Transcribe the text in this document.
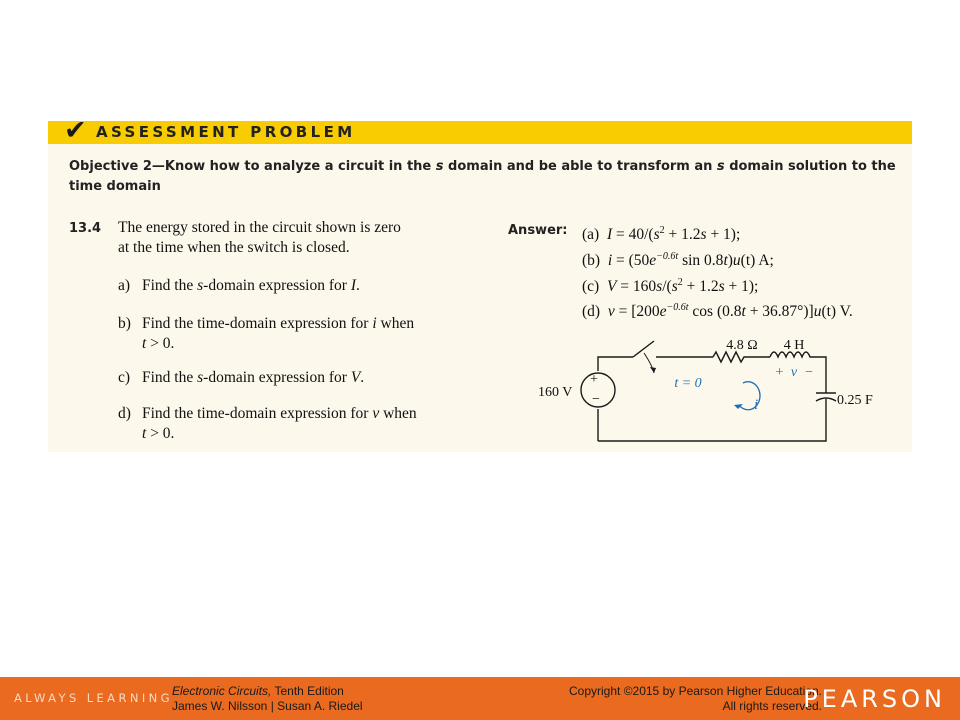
✔ ASSESSMENT PROBLEM
Objective 2—Know how to analyze a circuit in the s domain and be able to transform an s domain solution to the
time domain
13.4 The energy stored in the circuit shown is zero
at the time when the switch is closed.
a) Find the s-domain expression for I.
b) Find the time-domain expression for i when
t > 0.
c) Find the s-domain expression for V.
d) Find the time-domain expression for v when
t > 0.
Answer: (a) $I = 40/(s^2 + 1.2s + 1)$;
(b) $i = (50e^{-0.6t}$ sin 0.8t)u(t) A;
(c) $V = 160s/(s^2 + 1.2s + 1)$;
(d) $v = [200e^{-0.6t}$ cos (0.8t + 36.87°)]u(t) V.
+
−
160 V
4.8 Ω 4 H
+  v  −
t = 0
0.25 F
i
ALWAYS LEARNING Electronic Circuits, Tenth Edition
James W. Nilsson | Susan A. Riedel
Copyright ©2015 by Pearson Higher Education.
All rights reserved.
PEARSON
